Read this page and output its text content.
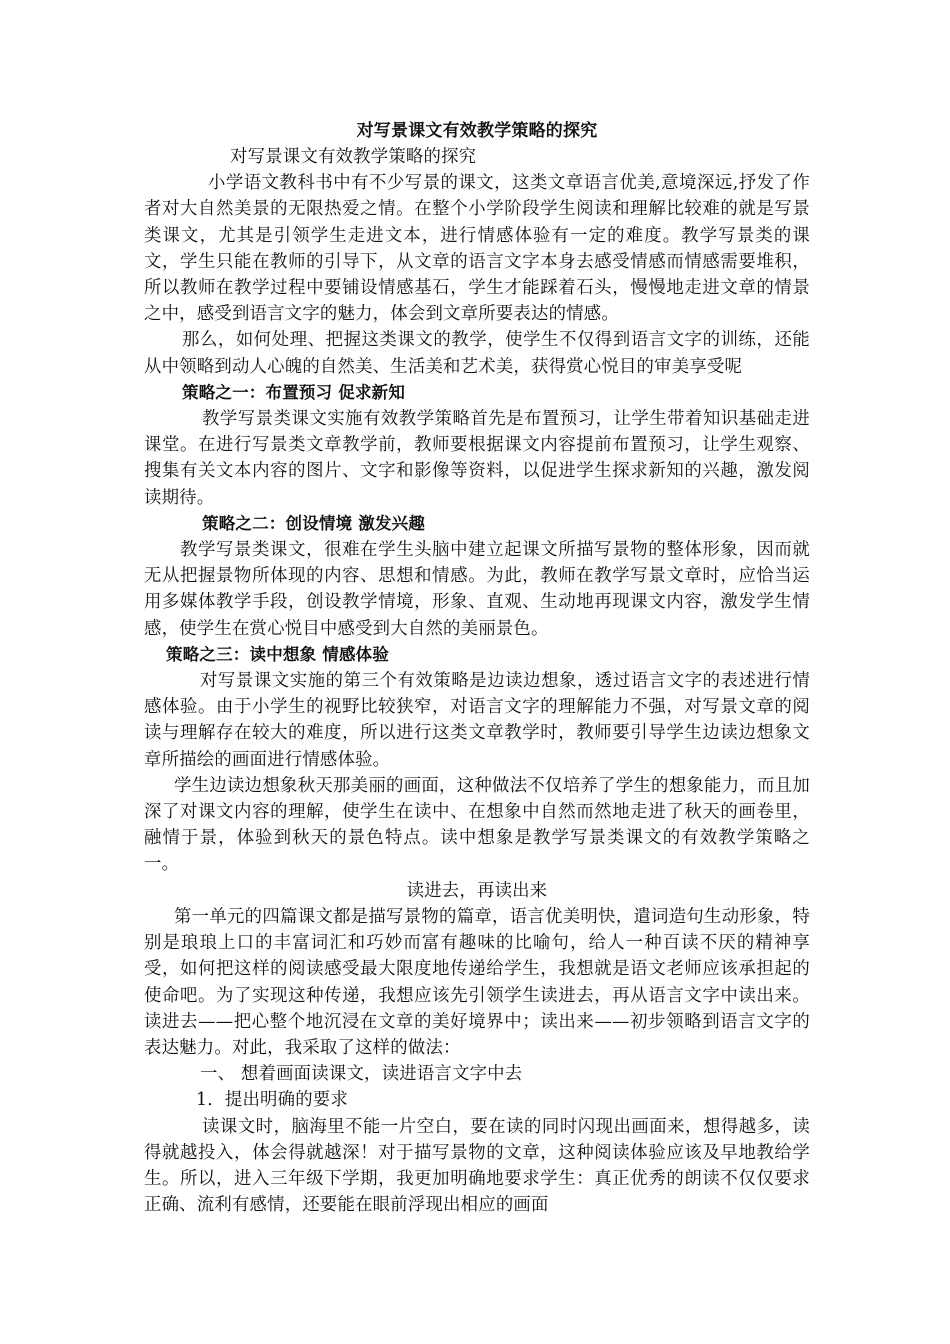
对写景课文有效教学策略的探究

对写景课文有效教学策略的探究

小学语文教科书中有不少写景的课文，这类文章语言优美,意境深远,抒发了作者对大自然美景的无限热爱之情。在整个小学阶段学生阅读和理解比较难的就是写景类课文，尤其是引领学生走进文本，进行情感体验有一定的难度。教学写景类的课文，学生只能在教师的引导下，从文章的语言文字本身去感受情感而情感需要堆积，所以教师在教学过程中要铺设情感基石，学生才能踩着石头，慢慢地走进文章的情景之中，感受到语言文字的魅力，体会到文章所要表达的情感。

那么，如何处理、把握这类课文的教学，使学生不仅得到语言文字的训练，还能从中领略到动人心魄的自然美、生活美和艺术美，获得赏心悦目的审美享受呢

策略之一：布置预习 促求新知

教学写景类课文实施有效教学策略首先是布置预习，让学生带着知识基础走进课堂。在进行写景类文章教学前，教师要根据课文内容提前布置预习，让学生观察、搜集有关文本内容的图片、文字和影像等资料，以促进学生探求新知的兴趣，激发阅读期待。

策略之二：创设情境 激发兴趣

教学写景类课文，很难在学生头脑中建立起课文所描写景物的整体形象，因而就无从把握景物所体现的内容、思想和情感。为此，教师在教学写景文章时，应恰当运用多媒体教学手段，创设教学情境，形象、直观、生动地再现课文内容，激发学生情感，使学生在赏心悦目中感受到大自然的美丽景色。

策略之三：读中想象 情感体验

对写景课文实施的第三个有效策略是边读边想象，透过语言文字的表述进行情感体验。由于小学生的视野比较狭窄，对语言文字的理解能力不强，对写景文章的阅读与理解存在较大的难度，所以进行这类文章教学时，教师要引导学生边读边想象文章所描绘的画面进行情感体验。

学生边读边想象秋天那美丽的画面，这种做法不仅培养了学生的想象能力，而且加深了对课文内容的理解，使学生在读中、在想象中自然而然地走进了秋天的画卷里，融情于景，体验到秋天的景色特点。读中想象是教学写景类课文的有效教学策略之一。

读进去，再读出来

第一单元的四篇课文都是描写景物的篇章，语言优美明快，遣词造句生动形象，特别是琅琅上口的丰富词汇和巧妙而富有趣味的比喻句，给人一种百读不厌的精神享受，如何把这样的阅读感受最大限度地传递给学生，我想就是语文老师应该承担起的使命吧。为了实现这种传递，我想应该先引领学生读进去，再从语言文字中读出来。读进去——把心整个地沉浸在文章的美好境界中；读出来——初步领略到语言文字的表达魅力。对此，我采取了这样的做法：

一、 想着画面读课文，读进语言文字中去

1．提出明确的要求

读课文时，脑海里不能一片空白，要在读的同时闪现出画面来，想得越多，读得就越投入，体会得就越深！对于描写景物的文章，这种阅读体验应该及早地教给学生。所以，进入三年级下学期，我更加明确地要求学生：真正优秀的朗读不仅仅要求正确、流利有感情，还要能在眼前浮现出相应的画面
